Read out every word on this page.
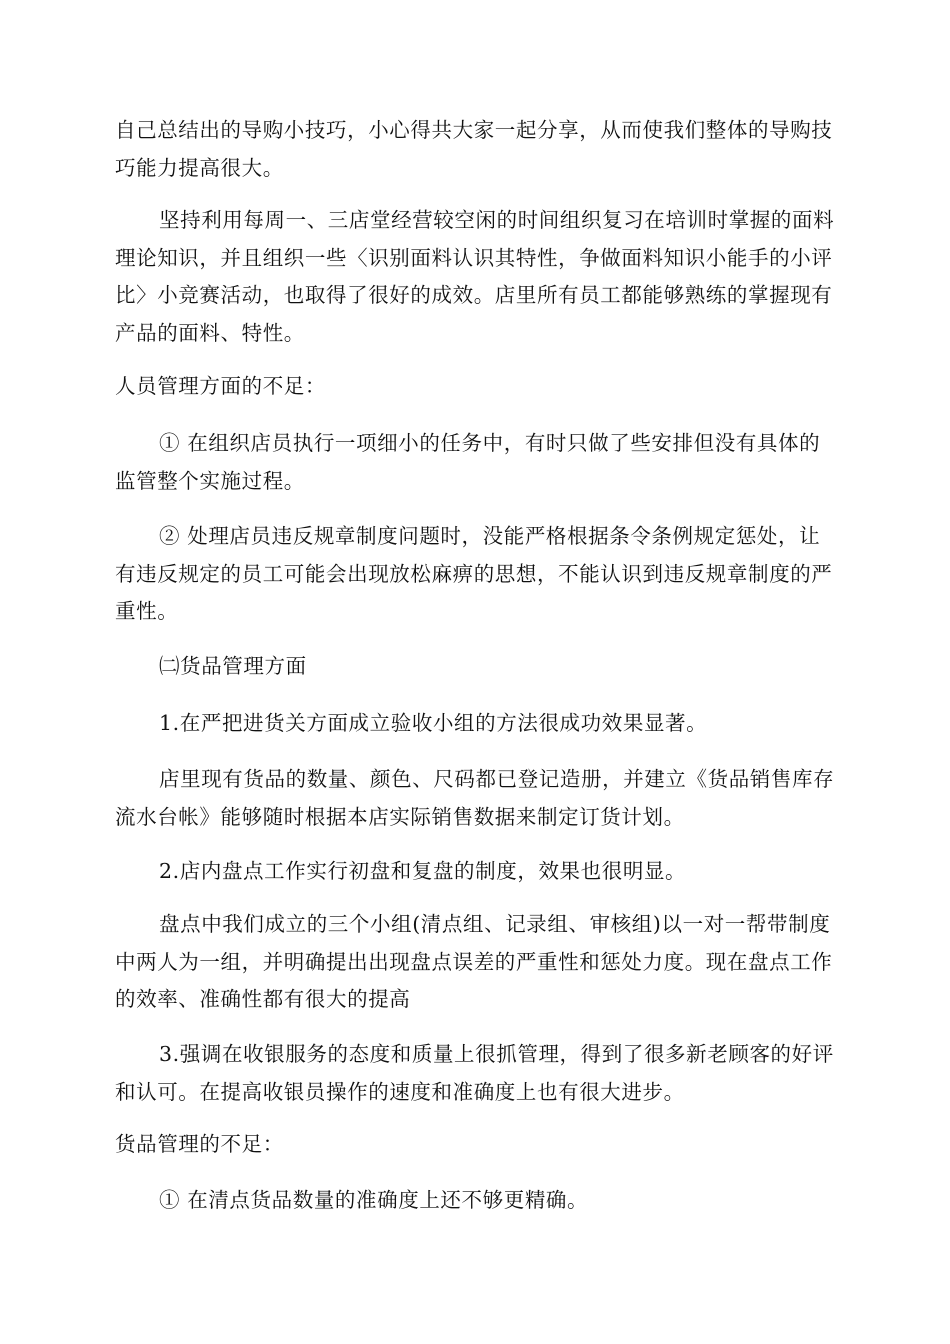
自己总结出的导购小技巧，小心得共大家一起分享，从而使我们整体的导购技巧能力提高很大。

坚持利用每周一、三店堂经营较空闲的时间组织复习在培训时掌握的面料理论知识，并且组织一些〈识别面料认识其特性，争做面料知识小能手的小评比〉小竞赛活动，也取得了很好的成效。店里所有员工都能够熟练的掌握现有产品的面料、特性。

人员管理方面的不足：

① 在组织店员执行一项细小的任务中，有时只做了些安排但没有具体的监管整个实施过程。

② 处理店员违反规章制度问题时，没能严格根据条令条例规定惩处，让有违反规定的员工可能会出现放松麻痹的思想，不能认识到违反规章制度的严重性。

㈡货品管理方面

1.在严把进货关方面成立验收小组的方法很成功效果显著。

店里现有货品的数量、颜色、尺码都已登记造册，并建立《货品销售库存流水台帐》能够随时根据本店实际销售数据来制定订货计划。

2.店内盘点工作实行初盘和复盘的制度，效果也很明显。

盘点中我们成立的三个小组(清点组、记录组、审核组)以一对一帮带制度中两人为一组，并明确提出出现盘点误差的严重性和惩处力度。现在盘点工作的效率、准确性都有很大的提高

3.强调在收银服务的态度和质量上很抓管理，得到了很多新老顾客的好评和认可。在提高收银员操作的速度和准确度上也有很大进步。

货品管理的不足：

① 在清点货品数量的准确度上还不够更精确。
